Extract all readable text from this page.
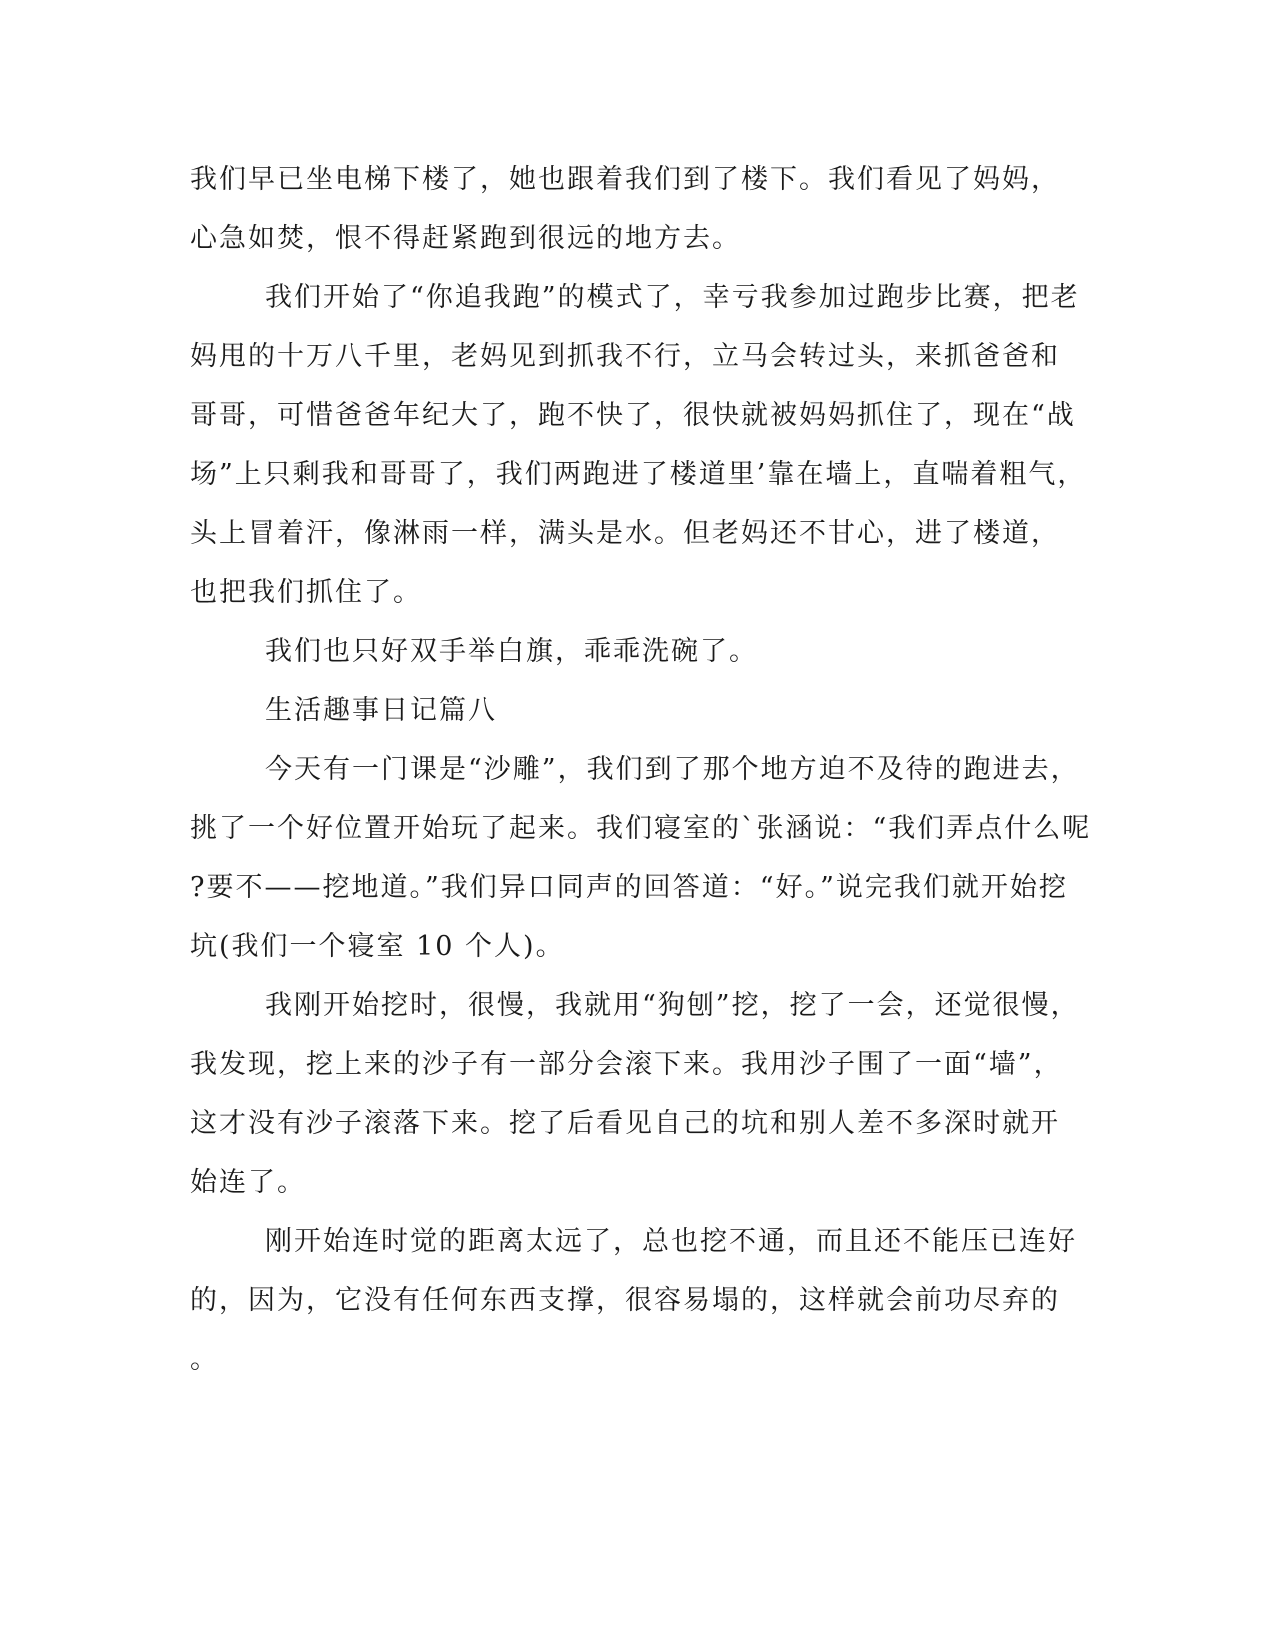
我们早已坐电梯下楼了，她也跟着我们到了楼下。我们看见了妈妈，
心急如焚，恨不得赶紧跑到很远的地方去。
我们开始了“你追我跑”的模式了，幸亏我参加过跑步比赛，把老
妈甩的十万八千里，老妈见到抓我不行，立马会转过头，来抓爸爸和
哥哥，可惜爸爸年纪大了，跑不快了，很快就被妈妈抓住了，现在“战
场”上只剩我和哥哥了，我们两跑进了楼道里’靠在墙上，直喘着粗气，
头上冒着汗，像淋雨一样，满头是水。但老妈还不甘心，进了楼道，
也把我们抓住了。
我们也只好双手举白旗，乖乖洗碗了。
生活趣事日记篇八
今天有一门课是“沙雕”，我们到了那个地方迫不及待的跑进去，
挑了一个好位置开始玩了起来。我们寝室的`张涵说：“我们弄点什么呢
?要不——挖地道。”我们异口同声的回答道：“好。”说完我们就开始挖
坑(我们一个寝室 10 个人)。
我刚开始挖时，很慢，我就用“狗刨”挖，挖了一会，还觉很慢，
我发现，挖上来的沙子有一部分会滚下来。我用沙子围了一面“墙”，
这才没有沙子滚落下来。挖了后看见自己的坑和别人差不多深时就开
始连了。
刚开始连时觉的距离太远了，总也挖不通，而且还不能压已连好
的，因为，它没有任何东西支撑，很容易塌的，这样就会前功尽弃的
。
